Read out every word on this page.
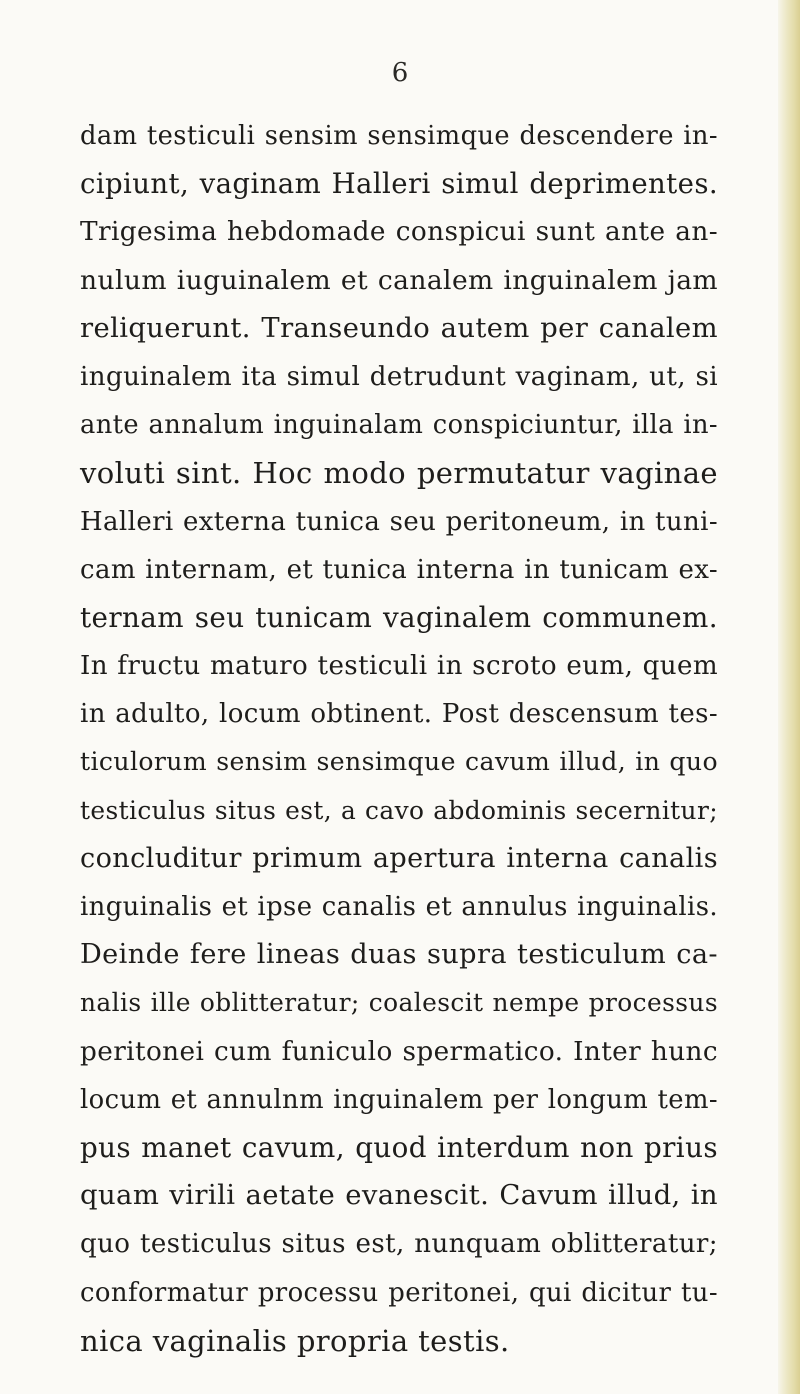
6
dam testiculi sensim sensimque descendere in-
cipiunt, vaginam Halleri simul deprimentes.
Trigesima hebdomade conspicui sunt ante an-
nulum iuguinalem et canalem inguinalem jam
reliquerunt. Transeundo autem per canalem
inguinalem ita simul detrudunt vaginam, ut, si
ante annalum inguinalam conspiciuntur, illa in-
voluti sint. Hoc modo permutatur vaginae
Halleri externa tunica seu peritoneum, in tuni-
cam internam, et tunica interna in tunicam ex-
ternam seu tunicam vaginalem communem.
In fructu maturo testiculi in scroto eum, quem
in adulto, locum obtinent. Post descensum tes-
ticulorum sensim sensimque cavum illud, in quo
testiculus situs est, a cavo abdominis secernitur;
concluditur primum apertura interna canalis
inguinalis et ipse canalis et annulus inguinalis.
Deinde fere lineas duas supra testiculum ca-
nalis ille oblitteratur; coalescit nempe processus
peritonei cum funiculo spermatico. Inter hunc
locum et annulnm inguinalem per longum tem-
pus manet cavum, quod interdum non prius
quam virili aetate evanescit. Cavum illud, in
quo testiculus situs est, nunquam oblitteratur;
conformatur processu peritonei, qui dicitur tu-
nica vaginalis propria testis.
